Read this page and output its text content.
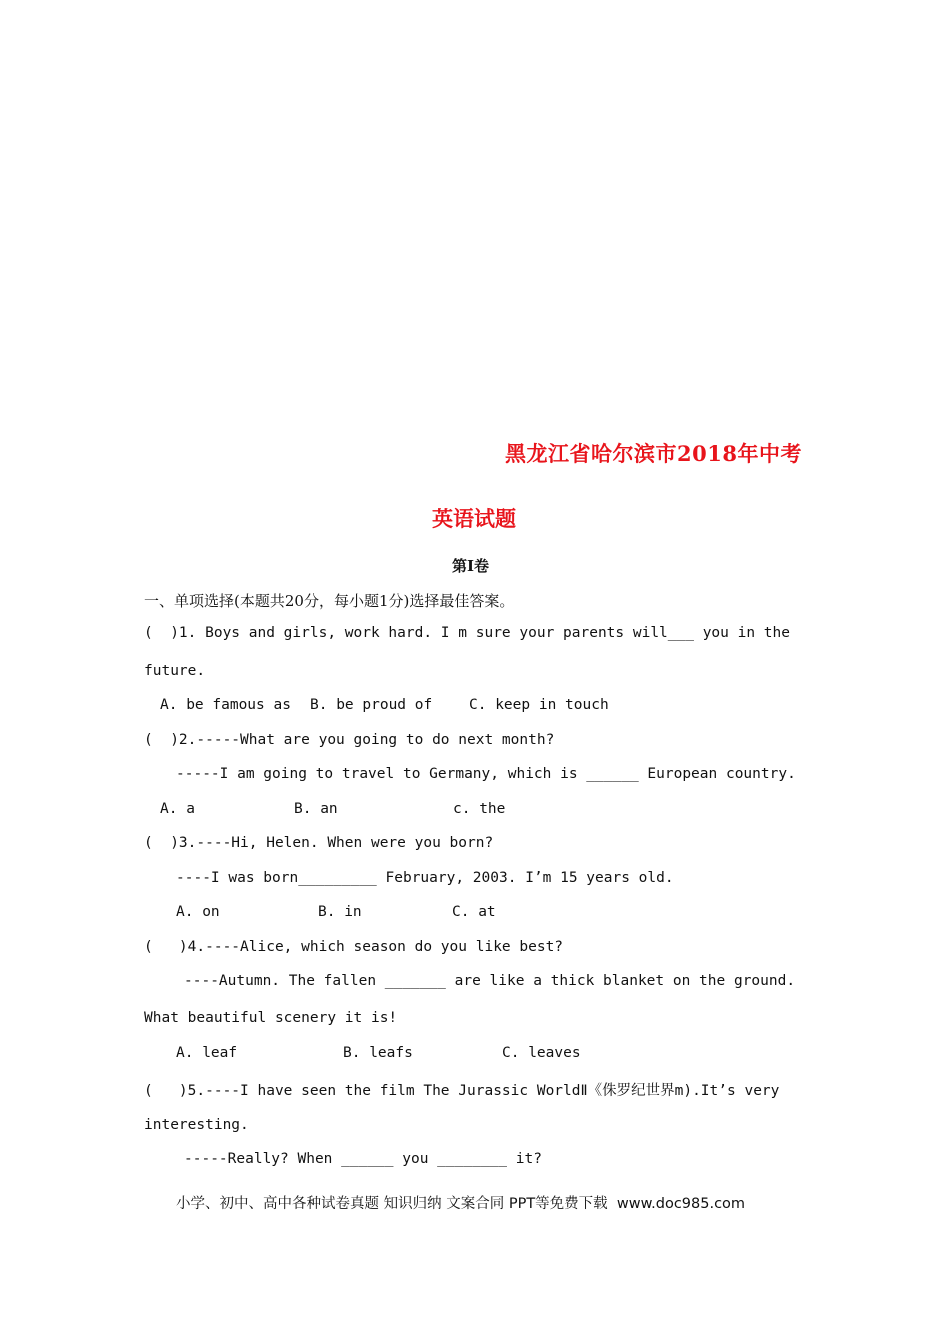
黑龙江省哈尔滨市2018年中考
英语试题
第Ⅰ卷
一、单项选择(本题共20分，每小题1分)选择最佳答案。
(  )1. Boys and girls, work hard. I m sure your parents will___ you in the
future.
A. be famous as B. be proud of	C. keep in touch
(  )2.-----What are you going to do next month?
-----I am going to travel to Germany, which is ______ European country.
A. a	B. an	c. the
(  )3.----Hi, Helen. When were you born?
----I was born_________ February, 2003. I’m 15 years old.
A. on	B. in	C. at
(   )4.----Alice, which season do you like best?
----Autumn. The fallen _______ are like a thick blanket on the ground.
What beautiful scenery it is!
A. leaf	B. leafs	C. leaves
(   )5.----I have seen the film The Jurassic WorldⅡ《侏罗纪世界m).It’s very
interesting.
-----Really? When ______ you ________ it?
小学、初中、高中各种试卷真题 知识归纳 文案合同 PPT等免费下载  www.doc985.com
